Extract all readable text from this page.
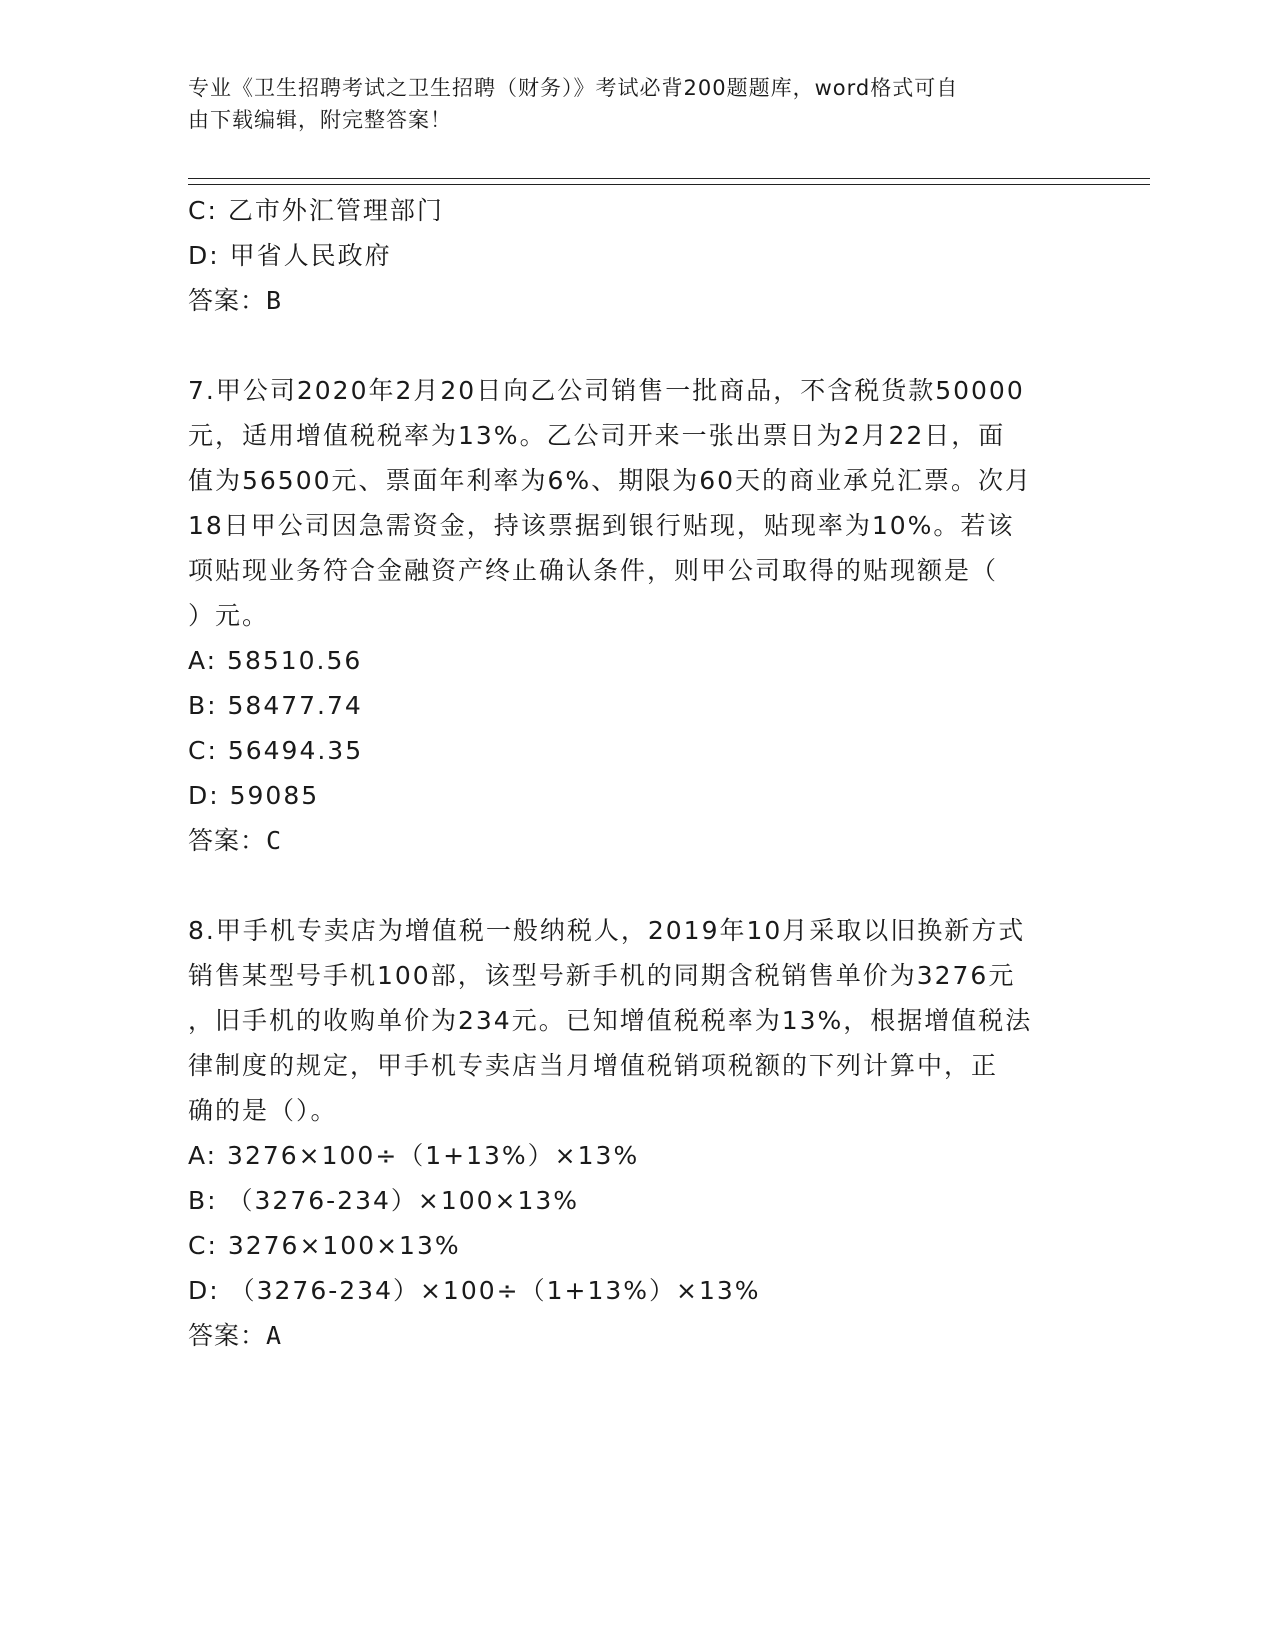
专业《卫生招聘考试之卫生招聘（财务）》考试必背200题题库，word格式可自
由下载编辑，附完整答案！

C: 乙市外汇管理部门
D: 甲省人民政府
答案：B
7.甲公司2020年2月20日向乙公司销售一批商品，不含税货款50000
元，适用增值税税率为13%。乙公司开来一张出票日为2月22日，面
值为56500元、票面年利率为6%、期限为60天的商业承兑汇票。次月
18日甲公司因急需资金，持该票据到银行贴现，贴现率为10%。若该
项贴现业务符合金融资产终止确认条件，则甲公司取得的贴现额是（
）元。
A: 58510.56
B: 58477.74
C: 56494.35
D: 59085
答案：C
8.甲手机专卖店为增值税一般纳税人，2019年10月采取以旧换新方式
销售某型号手机100部，该型号新手机的同期含税销售单价为3276元
，旧手机的收购单价为234元。已知增值税税率为13%，根据增值税法
律制度的规定，甲手机专卖店当月增值税销项税额的下列计算中，正
确的是（）。
A: 3276×100÷（1+13%）×13%
B: （3276-234）×100×13%
C: 3276×100×13%
D: （3276-234）×100÷（1+13%）×13%
答案：A
